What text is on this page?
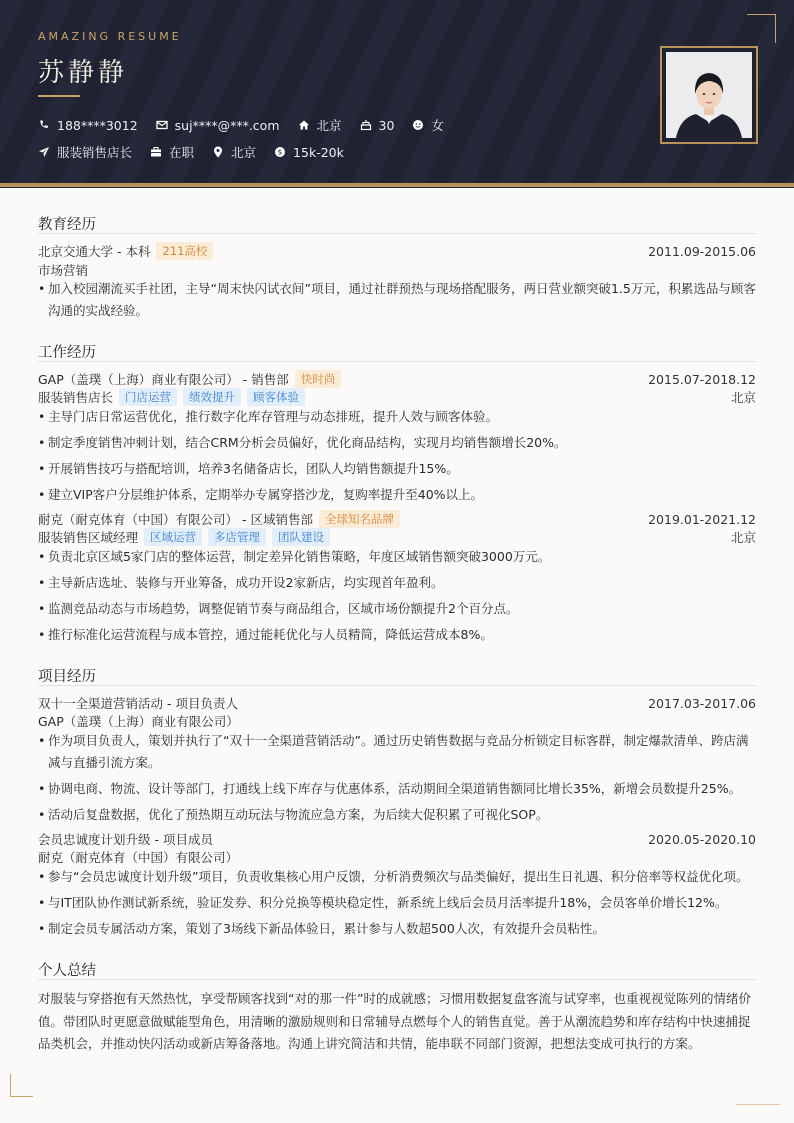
AMAZING RESUME
苏静静
188****3012	suj****@***.com	北京	30	女
服装销售店长	在职	北京	$ 15k-20k
教育经历
北京交通大学 - 本科	211高校	2011.09-2015.06
市场营销
• 加入校园潮流买手社团，主导“周末快闪试衣间”项目，通过社群预热与现场搭配服务，两日营业额突破1.5万元，积累选品与顾客沟通的实战经验。
工作经历
GAP（盖璞（上海）商业有限公司） - 销售部	快时尚	2015.07-2018.12
服装销售店长	门店运营	绩效提升	顾客体验	北京
• 主导门店日常运营优化，推行数字化库存管理与动态排班，提升人效与顾客体验。
• 制定季度销售冲刺计划，结合CRM分析会员偏好，优化商品结构，实现月均销售额增长20%。
• 开展销售技巧与搭配培训，培养3名储备店长，团队人均销售额提升15%。
• 建立VIP客户分层维护体系，定期举办专属穿搭沙龙，复购率提升至40%以上。
耐克（耐克体育（中国）有限公司） - 区域销售部	全球知名品牌	2019.01-2021.12
服装销售区域经理	区域运营	多店管理	团队建设	北京
• 负责北京区域5家门店的整体运营，制定差异化销售策略，年度区域销售额突破3000万元。
• 主导新店选址、装修与开业筹备，成功开设2家新店，均实现首年盈利。
• 监测竞品动态与市场趋势，调整促销节奏与商品组合，区域市场份额提升2个百分点。
• 推行标准化运营流程与成本管控，通过能耗优化与人员精简，降低运营成本8%。
项目经历
双十一全渠道营销活动 - 项目负责人	2017.03-2017.06
GAP（盖璞（上海）商业有限公司）
• 作为项目负责人，策划并执行了“双十一全渠道营销活动”。通过历史销售数据与竞品分析锁定目标客群，制定爆款清单、跨店满减与直播引流方案。
• 协调电商、物流、设计等部门，打通线上线下库存与优惠体系，活动期间全渠道销售额同比增长35%，新增会员数提升25%。
• 活动后复盘数据，优化了预热期互动玩法与物流应急方案，为后续大促积累了可视化SOP。
会员忠诚度计划升级 - 项目成员	2020.05-2020.10
耐克（耐克体育（中国）有限公司）
• 参与“会员忠诚度计划升级”项目，负责收集核心用户反馈，分析消费频次与品类偏好，提出生日礼遇、积分倍率等权益优化项。
• 与IT团队协作测试新系统，验证发券、积分兑换等模块稳定性，新系统上线后会员月活率提升18%，会员客单价增长12%。
• 制定会员专属活动方案，策划了3场线下新品体验日，累计参与人数超500人次，有效提升会员粘性。
个人总结
对服装与穿搭抱有天然热忱，享受帮顾客找到“对的那一件”时的成就感；习惯用数据复盘客流与试穿率，也重视视觉陈列的情绪价值。带团队时更愿意做赋能型角色，用清晰的激励规则和日常辅导点燃每个人的销售直觉。善于从潮流趋势和库存结构中快速捕捉品类机会，并推动快闪活动或新店筹备落地。沟通上讲究简洁和共情，能串联不同部门资源，把想法变成可执行的方案。
